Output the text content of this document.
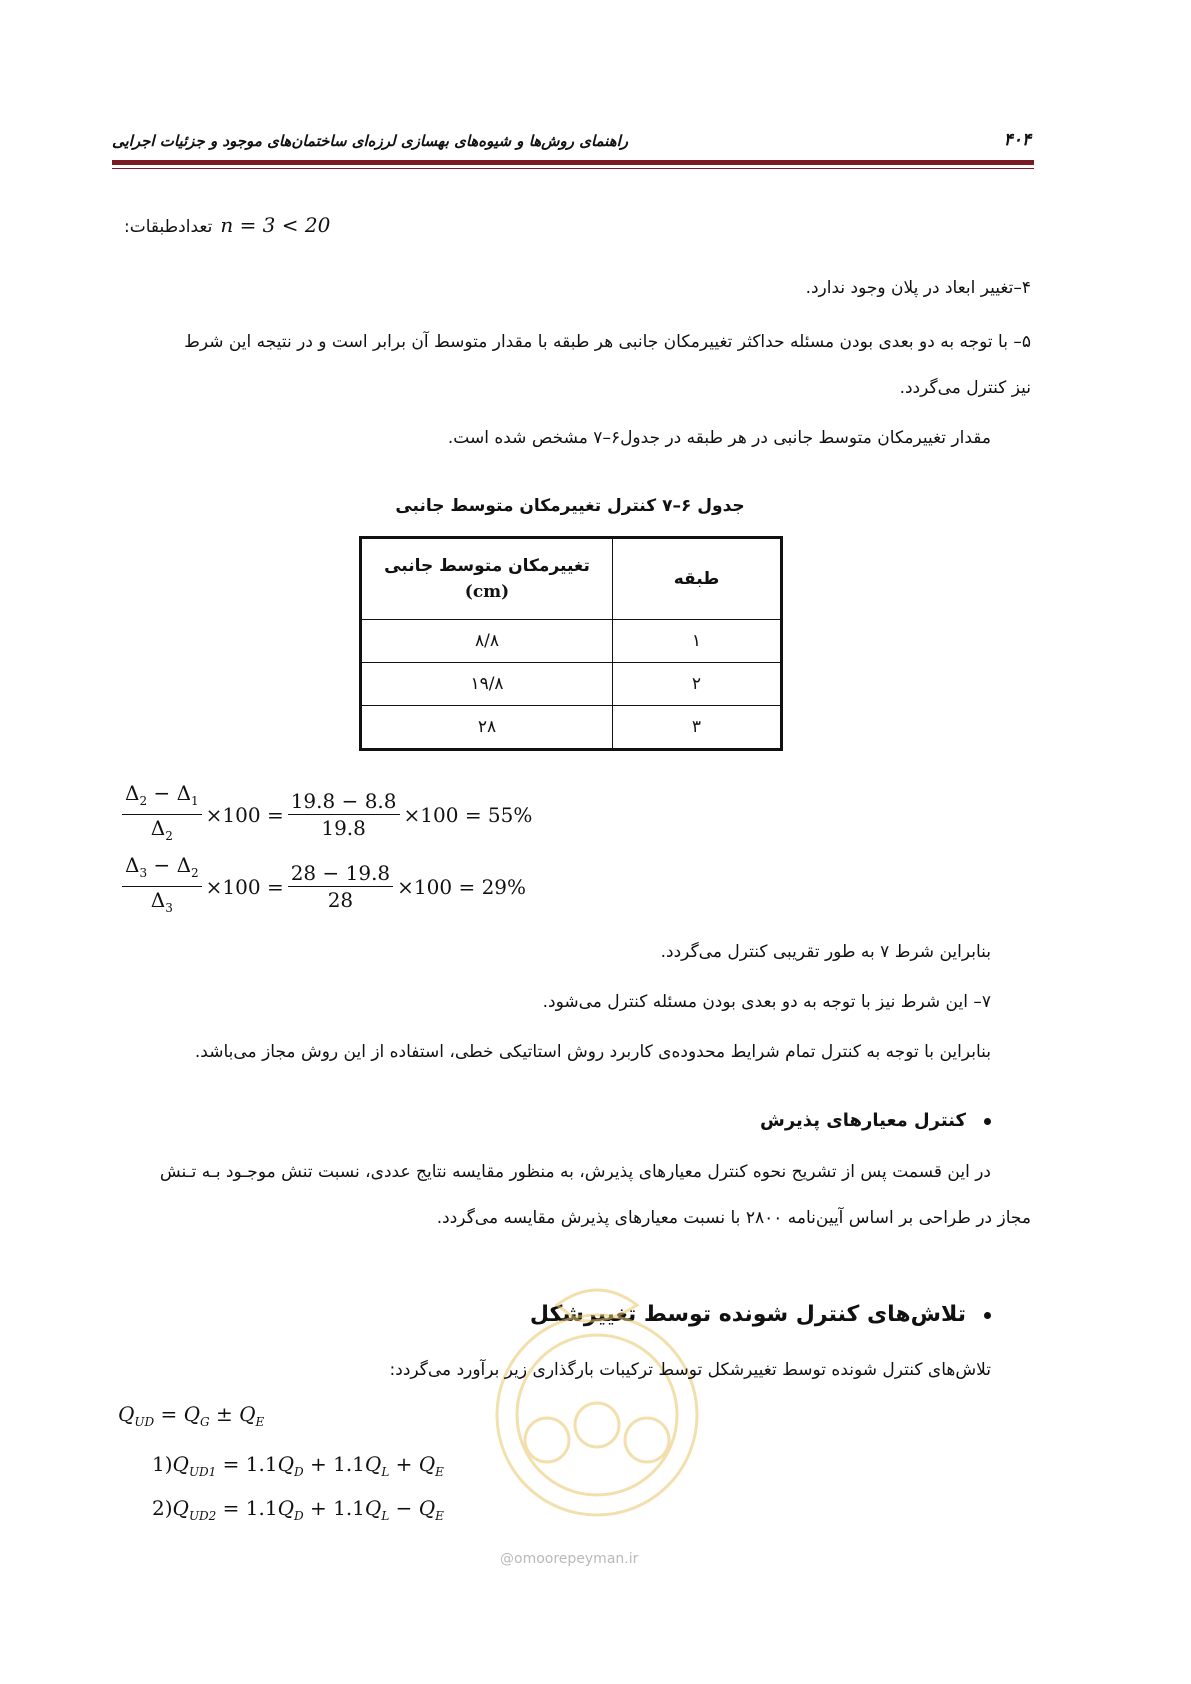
راهنمای روش‌ها و شیوه‌های بهسازی لرزه‌ای ساختمان‌های موجود و جزئیات اجرایی	۴۰۴
:تعدادطبقات n = 3 < 20
۴–تغییر ابعاد در پلان وجود ندارد.
۵– با توجه به دو بعدی بودن مسئله حداکثر تغییرمکان جانبی هر طبقه با مقدار متوسط آن برابر است و در نتیجه این شرط
نیز کنترل می‌گردد.
مقدار تغییرمکان متوسط جانبی در هر طبقه در جدول۶–۷ مشخص شده است.
جدول ۶–۷ کنترل تغییرمکان متوسط جانبی
طبقه	تغییرمکان متوسط جانبی
(cm)

۱	۸/۸
۲	۱۹/۸
۳	۲۸
$\frac{\Delta_2 - \Delta_1}{\Delta_2} \times 100 = \frac{19.8 - 8.8}{19.8} \times 100 = 55\%$
$\frac{\Delta_3 - \Delta_2}{\Delta_3} \times 100 = \frac{28 - 19.8}{28} \times 100 = 29\%$
بنابراین شرط ۷ به طور تقریبی کنترل می‌گردد.
۷– این شرط نیز با توجه به دو بعدی بودن مسئله کنترل می‌شود.
بنابراین با توجه به کنترل تمام شرایط محدوده‌ی کاربرد روش استاتیکی خطی، استفاده از این روش مجاز می‌باشد.
کنترل معیارهای پذیرش
در این قسمت پس از تشریح نحوه کنترل معیارهای پذیرش، به منظور مقایسه نتایج عددی، نسبت تنش موجـود بـه تـنش
مجاز در طراحی بر اساس آیین‌نامه ۲۸۰۰ با نسبت معیارهای پذیرش مقایسه می‌گردد.
تلاش‌های کنترل شونده توسط تغییرشکل
@omoorepeyman.ir
تلاش‌های کنترل شونده توسط تغییرشکل توسط ترکیبات بارگذاری زیر برآورد می‌گردد:
$Q_{UD} = Q_G \pm Q_E$
$1)Q_{UD1} = 1.1Q_D + 1.1Q_L + Q_E$
$2)Q_{UD2} = 1.1Q_D + 1.1Q_L - Q_E$
